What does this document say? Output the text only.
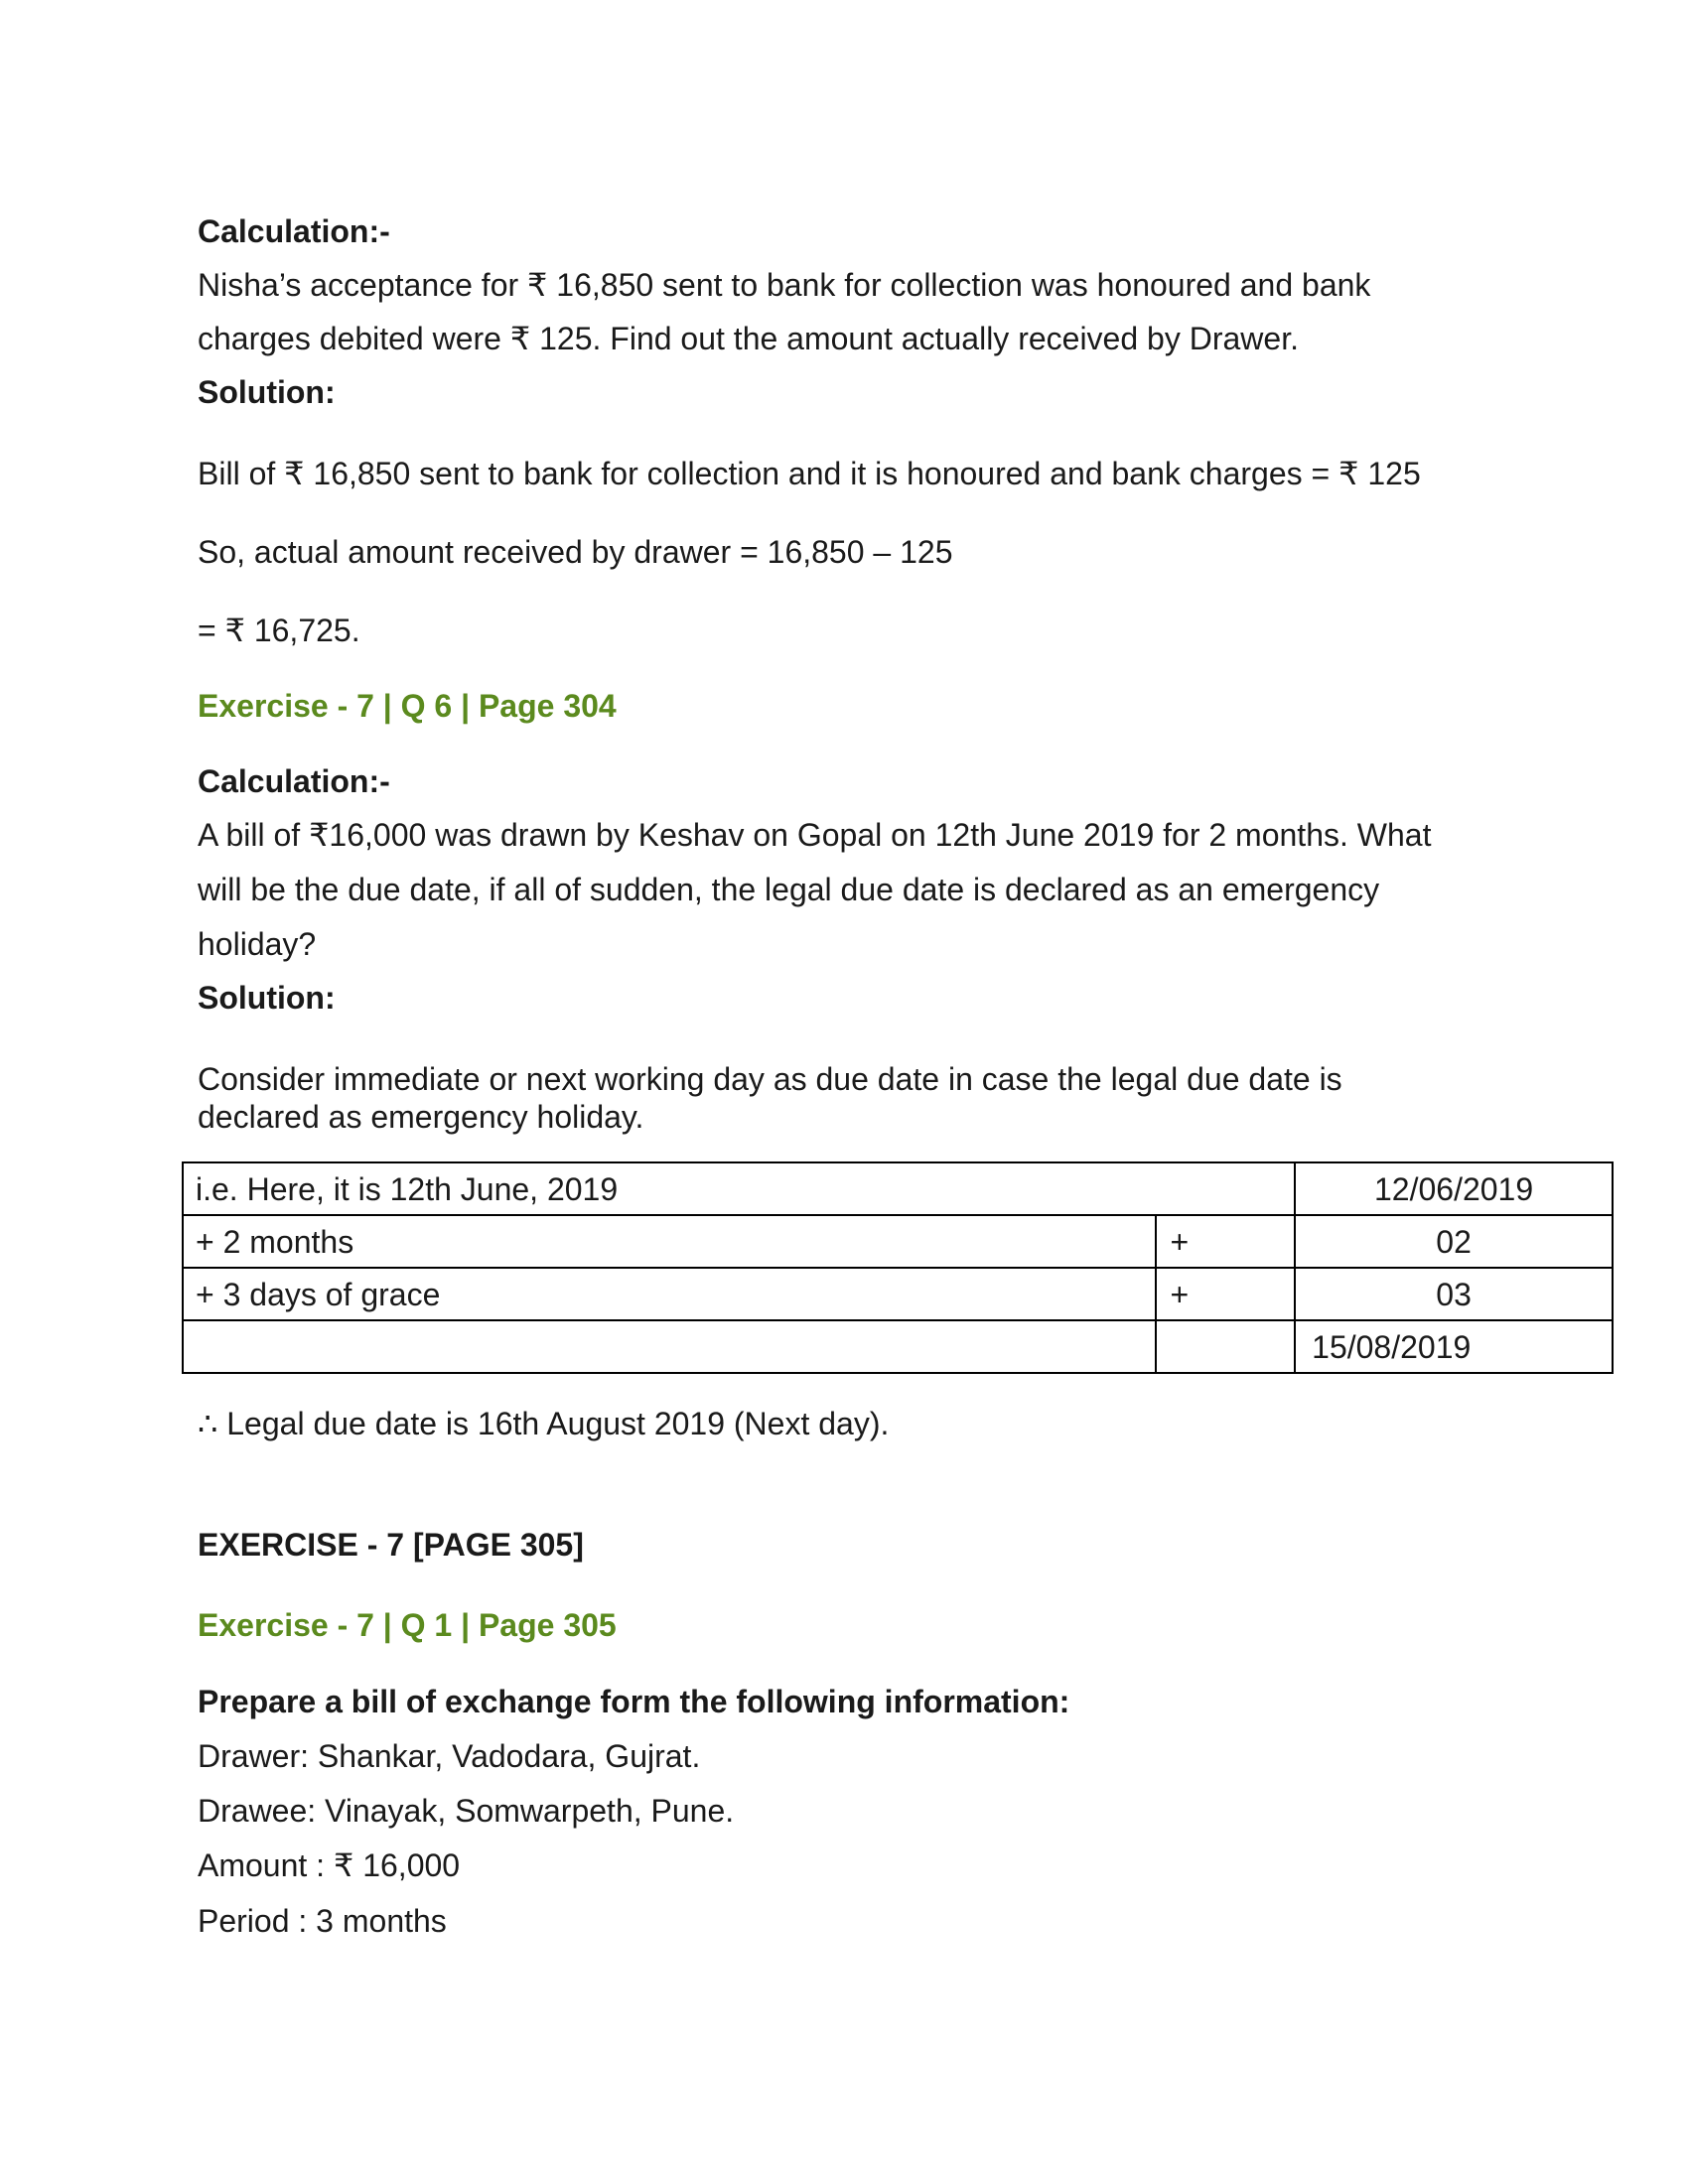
Calculation:-
Nisha’s acceptance for ₹ 16,850 sent to bank for collection was honoured and bank
charges debited were ₹ 125. Find out the amount actually received by Drawer.
Solution:
Bill of ₹ 16,850 sent to bank for collection and it is honoured and bank charges = ₹ 125
So, actual amount received by drawer = 16,850 – 125
= ₹ 16,725.
Exercise - 7 | Q 6 | Page 304
Calculation:-
A bill of ₹16,000 was drawn by Keshav on Gopal on 12th June 2019 for 2 months. What
will be the due date, if all of sudden, the legal due date is declared as an emergency
holiday?
Solution:
Consider immediate or next working day as due date in case the legal due date is
declared as emergency holiday.
i.e. Here, it is 12th June, 2019		12/06/2019
+ 2 months	+	02
+ 3 days of grace	+	03
		15/08/2019
∴ Legal due date is 16th August 2019 (Next day).
EXERCISE - 7 [PAGE 305]
Exercise - 7 | Q 1 | Page 305
Prepare a bill of exchange form the following information:
Drawer: Shankar, Vadodara, Gujrat.
Drawee: Vinayak, Somwarpeth, Pune.
Amount : ₹ 16,000
Period : 3 months
